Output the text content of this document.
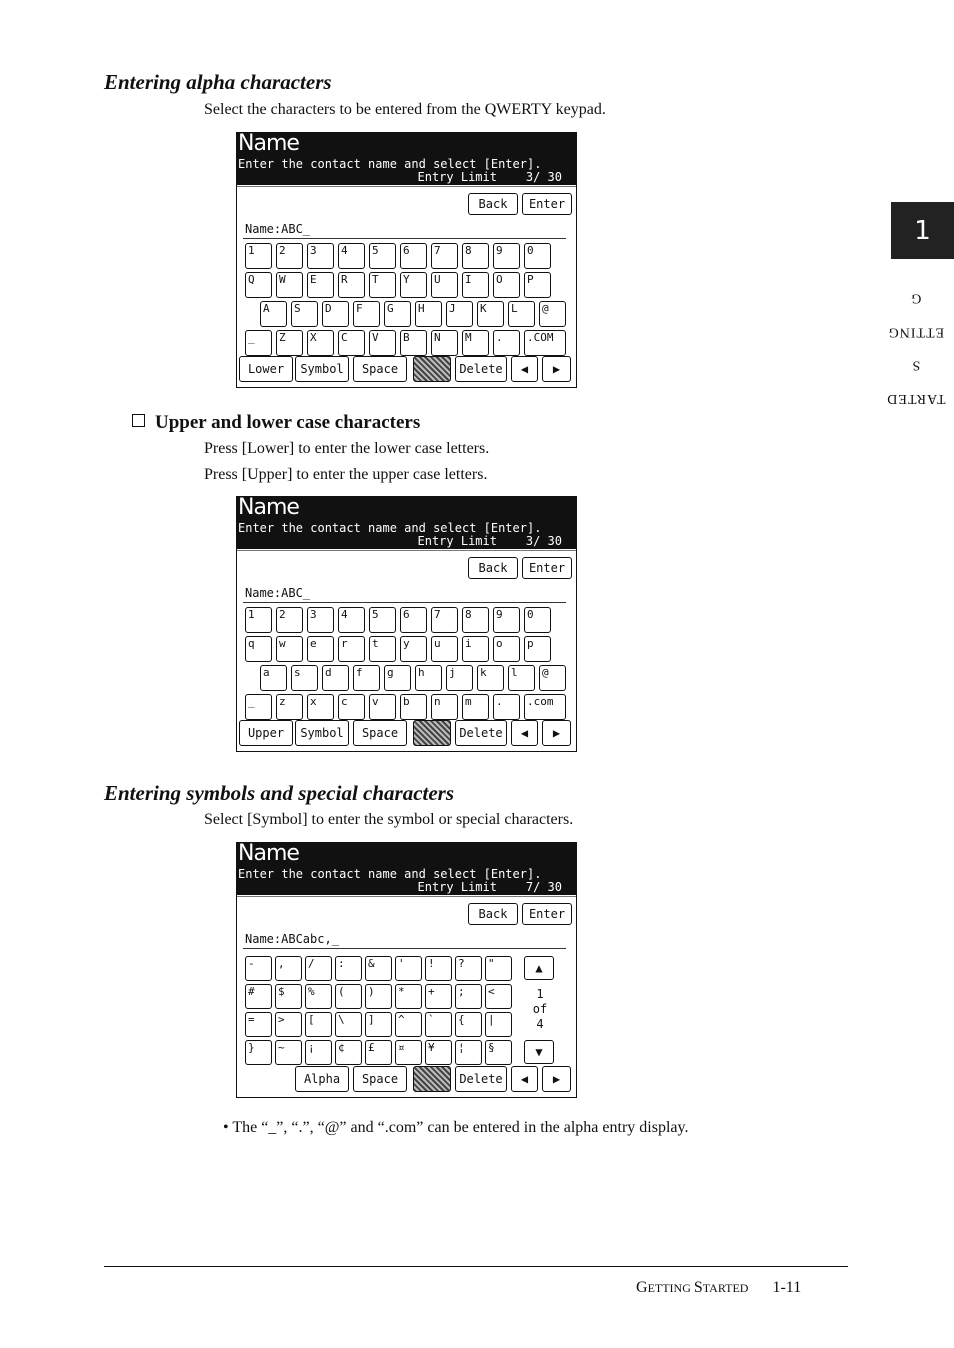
1
GETTINGSTARTED
Entering alpha characters
Select the characters to be entered from the QWERTY keypad.
Name
Enter the contact name and select [Enter].
Entry Limit    3/ 30
Back	Enter
Name:ABC_
1	2	3	4	5	6	7	8	9	0
Q	W	E	R	T	Y	U	I	O	P
A	S	D	F	G	H	J	K	L	@
_	Z	X	C	V	B	N	M	.	.COM
Lower	Symbol	Space	Delete	◀	▶
Upper and lower case characters
Press [Lower] to enter the lower case letters.
Press [Upper] to enter the upper case letters.
Name
Enter the contact name and select [Enter].
Entry Limit    3/ 30
Back	Enter
Name:ABC_
1	2	3	4	5	6	7	8	9	0
q	w	e	r	t	y	u	i	o	p
a	s	d	f	g	h	j	k	l	@
_	z	x	c	v	b	n	m	.	.com
Upper	Symbol	Space	Delete	◀	▶
Entering symbols and special characters
Select [Symbol] to enter the symbol or special characters.
Name
Enter the contact name and select [Enter].
Entry Limit    7/ 30
Back	Enter
Name:ABCabc,_
-	,	/	:	&	'	!	?	"
#	$	%	(	)	*	+	;	<
=	>	[	\	]	^	`	{	|
}	~	¡	¢	£	¤	¥	¦	§
▲
1
of
4
▼
Alpha	Space	Delete	◀	▶
• The “_”, “.”, “@” and “.com” can be entered in the alpha entry display.
GETTING STARTED 1-11
